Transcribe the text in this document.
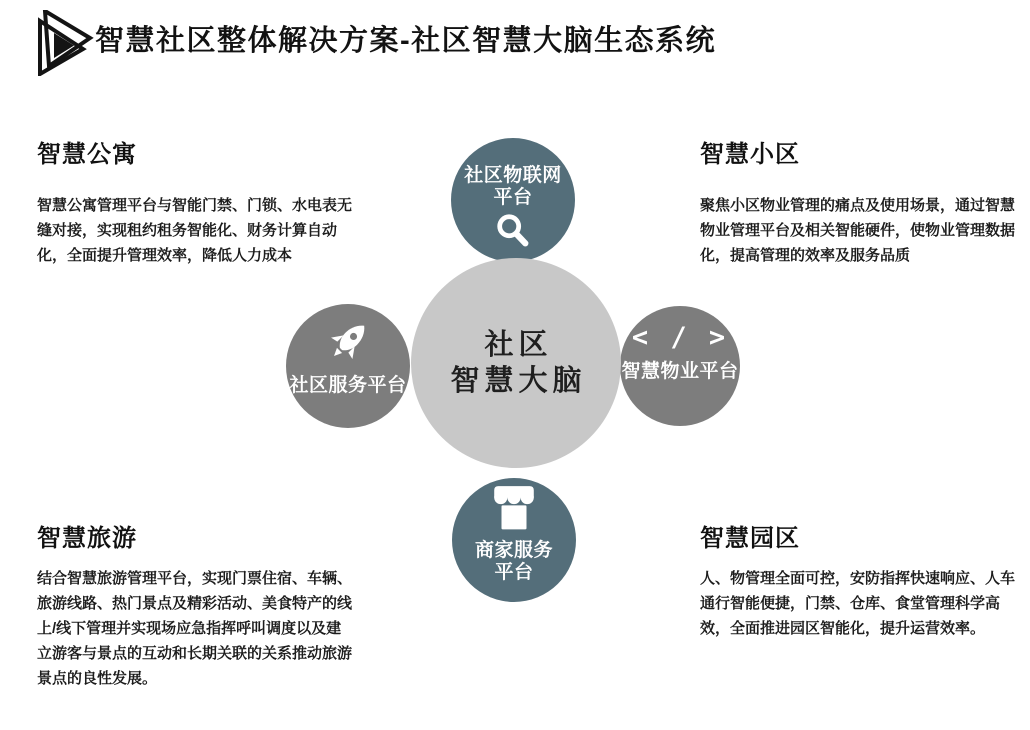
智慧社区整体解决方案-社区智慧大脑生态系统
智慧公寓

智慧公寓管理平台与智能门禁、门锁、水电表无缝对接，实现租约租务智能化、财务计算自动化，全面提升管理效率，降低人力成本

智慧小区

聚焦小区物业管理的痛点及使用场景，通过智慧物业管理平台及相关智能硬件，使物业管理数据化，提高管理的效率及服务品质

智慧旅游

结合智慧旅游管理平台，实现门票住宿、车辆、旅游线路、热门景点及精彩活动、美食特产的线上/线下管理并实现场应急指挥呼叫调度以及建立游客与景点的互动和长期关联的关系推动旅游景点的良性发展。

智慧园区

人、物管理全面可控，安防指挥快速响应、人车通行智能便捷，门禁、仓库、食堂管理科学高效，全面推进园区智能化，提升运营效率。

社区
智慧大脑
社区物联网
平台
社区服务平台
< / >
智慧物业平台
商家服务
平台
